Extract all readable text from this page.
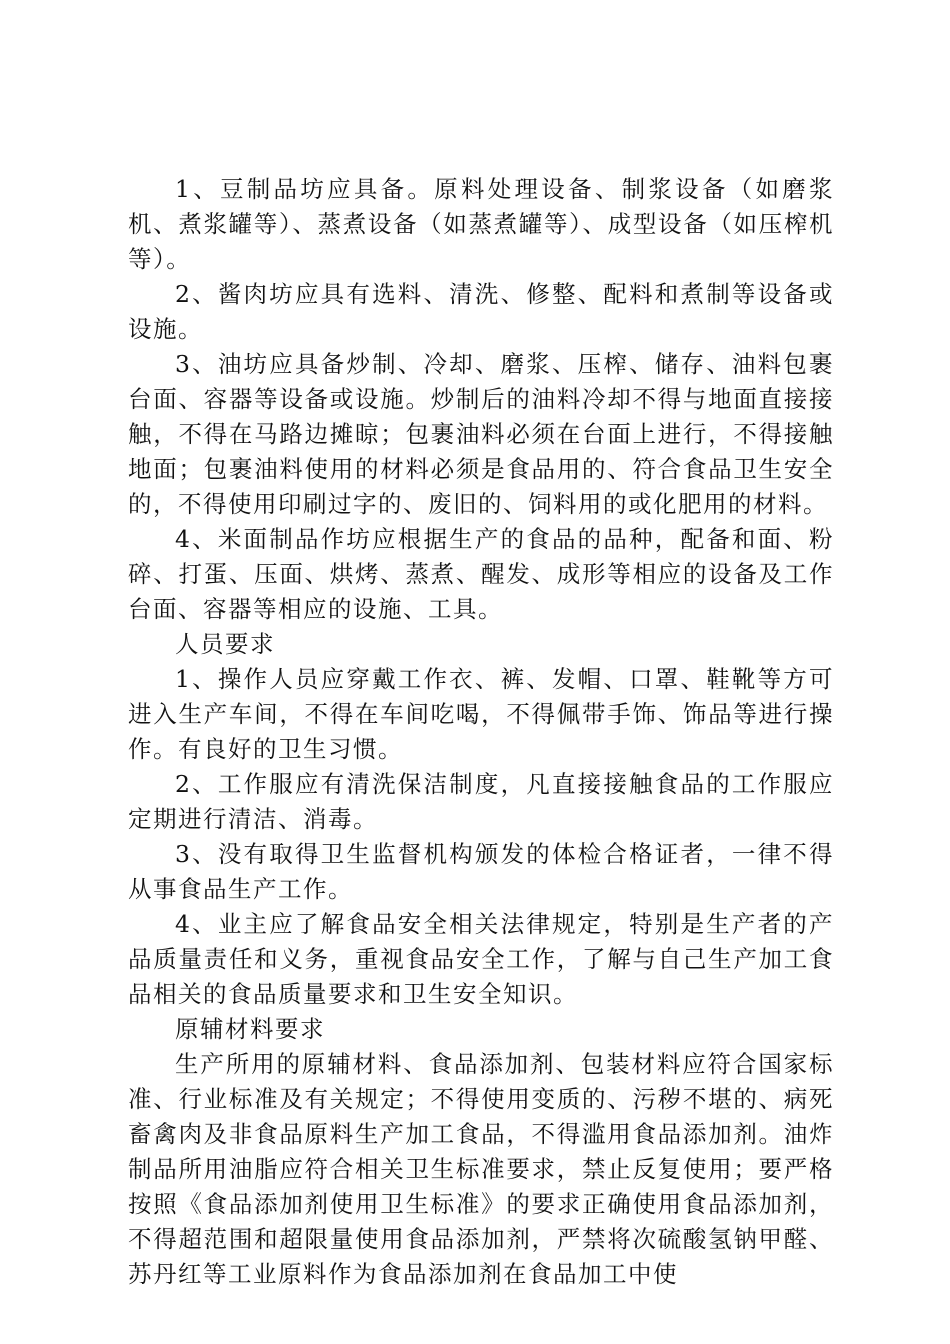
1、豆制品坊应具备。原料处理设备、制浆设备（如磨浆机、煮浆罐等）、蒸煮设备（如蒸煮罐等）、成型设备（如压榨机等）。

2、酱肉坊应具有选料、清洗、修整、配料和煮制等设备或设施。

3、油坊应具备炒制、冷却、磨浆、压榨、储存、油料包裹台面、容器等设备或设施。炒制后的油料冷却不得与地面直接接触，不得在马路边摊晾；包裹油料必须在台面上进行，不得接触地面；包裹油料使用的材料必须是食品用的、符合食品卫生安全的，不得使用印刷过字的、废旧的、饲料用的或化肥用的材料。

4、米面制品作坊应根据生产的食品的品种，配备和面、粉碎、打蛋、压面、烘烤、蒸煮、醒发、成形等相应的设备及工作台面、容器等相应的设施、工具。

人员要求

1、操作人员应穿戴工作衣、裤、发帽、口罩、鞋靴等方可进入生产车间，不得在车间吃喝，不得佩带手饰、饰品等进行操作。有良好的卫生习惯。

2、工作服应有清洗保洁制度，凡直接接触食品的工作服应定期进行清洁、消毒。

3、没有取得卫生监督机构颁发的体检合格证者，一律不得从事食品生产工作。

4、业主应了解食品安全相关法律规定，特别是生产者的产品质量责任和义务，重视食品安全工作，了解与自己生产加工食品相关的食品质量要求和卫生安全知识。

原辅材料要求

生产所用的原辅材料、食品添加剂、包装材料应符合国家标准、行业标准及有关规定；不得使用变质的、污秽不堪的、病死畜禽肉及非食品原料生产加工食品，不得滥用食品添加剂。油炸制品所用油脂应符合相关卫生标准要求，禁止反复使用；要严格按照《食品添加剂使用卫生标准》的要求正确使用食品添加剂，不得超范围和超限量使用食品添加剂，严禁将次硫酸氢钠甲醛、苏丹红等工业原料作为食品添加剂在食品加工中使
